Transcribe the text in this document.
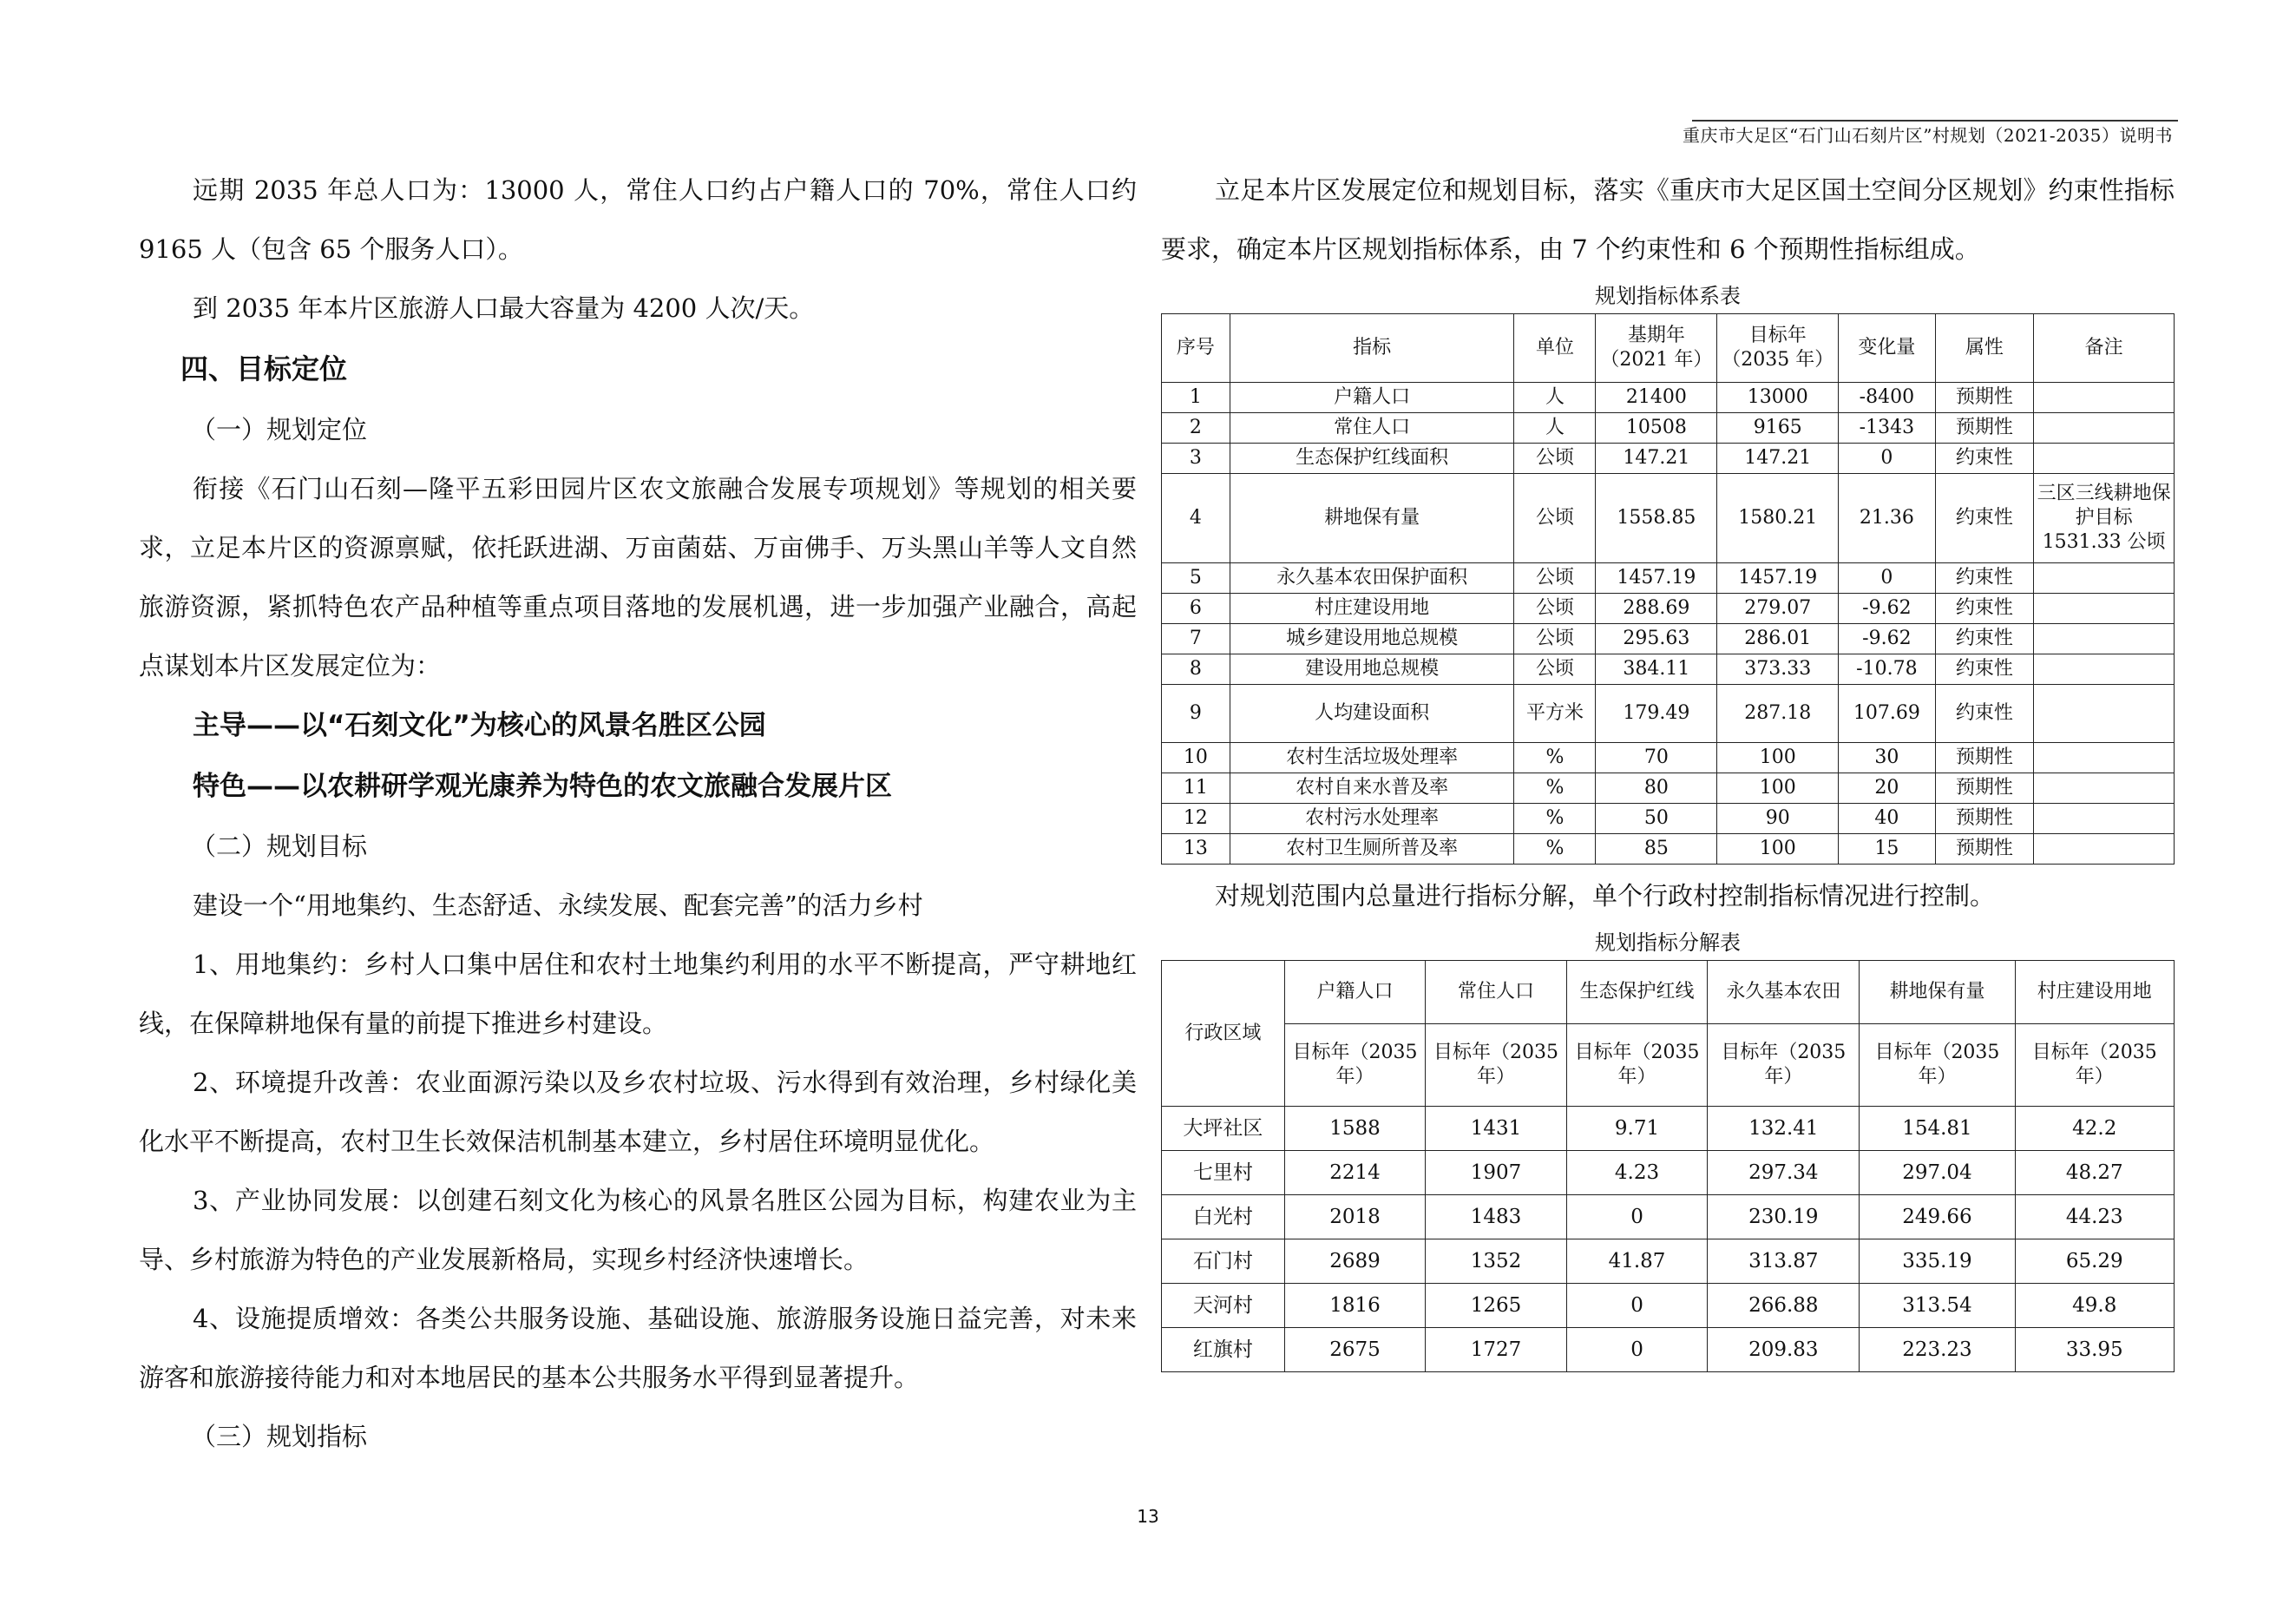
重庆市大足区“石门山石刻片区”村规划（2021-2035）说明书

远期 2035 年总人口为：13000 人，常住人口约占户籍人口的 70%，常住人口约 9165 人（包含 65 个服务人口）。

到 2035 年本片区旅游人口最大容量为 4200 人次/天。

四、目标定位

（一）规划定位

衔接《石门山石刻—隆平五彩田园片区农文旅融合发展专项规划》等规划的相关要求，立足本片区的资源禀赋，依托跃进湖、万亩菌菇、万亩佛手、万头黑山羊等人文自然旅游资源，紧抓特色农产品种植等重点项目落地的发展机遇，进一步加强产业融合，高起点谋划本片区发展定位为：

主导——以“石刻文化”为核心的风景名胜区公园

特色——以农耕研学观光康养为特色的农文旅融合发展片区

（二）规划目标

建设一个“用地集约、生态舒适、永续发展、配套完善”的活力乡村

1、用地集约：乡村人口集中居住和农村土地集约利用的水平不断提高，严守耕地红线，在保障耕地保有量的前提下推进乡村建设。

2、环境提升改善：农业面源污染以及乡农村垃圾、污水得到有效治理，乡村绿化美化水平不断提高，农村卫生长效保洁机制基本建立，乡村居住环境明显优化。

3、产业协同发展：以创建石刻文化为核心的风景名胜区公园为目标，构建农业为主导、乡村旅游为特色的产业发展新格局，实现乡村经济快速增长。

4、设施提质增效：各类公共服务设施、基础设施、旅游服务设施日益完善，对未来游客和旅游接待能力和对本地居民的基本公共服务水平得到显著提升。

（三）规划指标

立足本片区发展定位和规划目标，落实《重庆市大足区国土空间分区规划》约束性指标要求，确定本片区规划指标体系，由 7 个约束性和 6 个预期性指标组成。

规划指标体系表

序号	指标	单位	基期年（2021 年）	目标年（2035 年）	变化量	属性	备注
1	户籍人口	人	21400	13000	-8400	预期性	
2	常住人口	人	10508	9165	-1343	预期性	
3	生态保护红线面积	公顷	147.21	147.21	0	约束性	
4	耕地保有量	公顷	1558.85	1580.21	21.36	约束性	三区三线耕地保护目标 1531.33 公顷
5	永久基本农田保护面积	公顷	1457.19	1457.19	0	约束性	
6	村庄建设用地	公顷	288.69	279.07	-9.62	约束性	
7	城乡建设用地总规模	公顷	295.63	286.01	-9.62	约束性	
8	建设用地总规模	公顷	384.11	373.33	-10.78	约束性	
9	人均建设面积	平方米	179.49	287.18	107.69	约束性	
10	农村生活垃圾处理率	%	70	100	30	预期性	
11	农村自来水普及率	%	80	100	20	预期性	
12	农村污水处理率	%	50	90	40	预期性	
13	农村卫生厕所普及率	%	85	100	15	预期性	

对规划范围内总量进行指标分解，单个行政村控制指标情况进行控制。

规划指标分解表

行政区域	户籍人口	常住人口	生态保护红线	永久基本农田	耕地保有量	村庄建设用地
	目标年（2035 年）	目标年（2035 年）	目标年（2035 年）	目标年（2035 年）	目标年（2035 年）	目标年（2035 年）
大坪社区	1588	1431	9.71	132.41	154.81	42.2
七里村	2214	1907	4.23	297.34	297.04	48.27
白光村	2018	1483	0	230.19	249.66	44.23
石门村	2689	1352	41.87	313.87	335.19	65.29
天河村	1816	1265	0	266.88	313.54	49.8
红旗村	2675	1727	0	209.83	223.23	33.95
13
